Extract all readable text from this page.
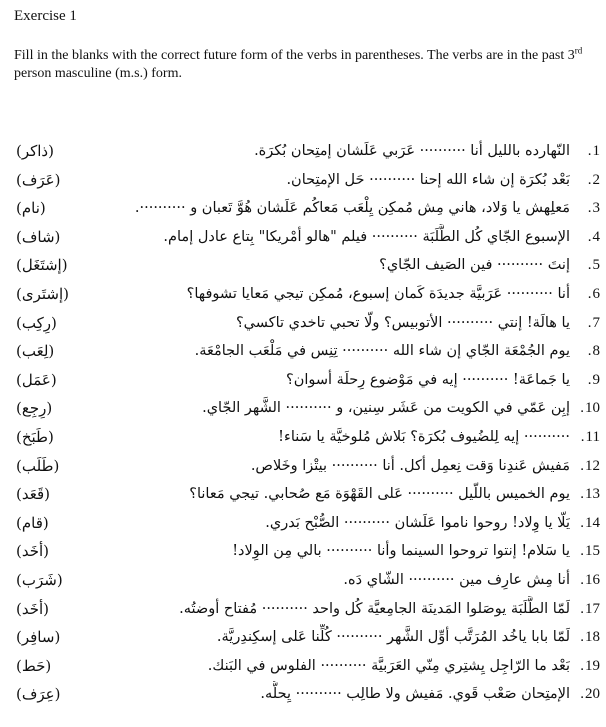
Exercise 1
Fill in the blanks with the correct future form of the verbs in parentheses. The verbs are in the past 3rd person masculine (m.s.) form.
(ذاكر)	النّهارده بالليل أنا ·········· عَرَبي عَلَشان إمتِحان بُكرَة.	. 1
(عَرَف)	بَعْد بُكرَة إن شاء الله إحنا ·········· حَل الإمتِحان.	. 2
(نام)	مَعلِهش يا وَلاد، هاني مِش مُمكِن يِلْعَب مَعاكُم عَلَشان هُوَّ تَعبان و ··········.	. 3
(شاف)	الإسبوع الجّاي كُل الطَّلَبَة ·········· فيلم "هالو أمْريكا" بِتاع عادل إمام.	. 4
(إشتَغَل)	إنتَ ·········· فين الصَيف الجّاي؟	. 5
(إشتَرى)	أنا ·········· عَرَبيَّة جديدَة كَمان إسبوع، مُمكِن تيجي مَعايا تشوفها؟	. 6
(رِكِب)	يا هالَة! إنتي ·········· الأتوبيس؟ ولّا تحبي تاخدي تاكسي؟	. 7
(لِعَب)	يوم الجُمْعَة الجّاي إن شاء الله ·········· تِنِس في مَلْعَب الجامْعَة.	. 8
(عَمَل)	يا جَماعَة! ·········· إيه في مَوْضوع رِحلَة أسوان؟	. 9
(رِجِع)	إبِن عَمّي في الكويت من عَشَر سِنين، و ·········· الشَّهر الجّاي.	. 10
(طَبَخ)	·········· إيه لِلضُيوف بُكرَة؟ بَلاش مُلوخيَّة يا سَناء!	. 11
(طَلَب)	مَفيش عَندِنا وَقت نِعمِل أكل. أنا ·········· بيتْزا وخَلاص.	. 12
(قَعَد)	يوم الخميس باللّيل ·········· عَلى القَهْوَة مَع صُحابي. تيجي مَعانا؟	. 13
(قام)	يَلّا يا وِلاد! روحوا ناموا عَلَشان ·········· الصُّبْح بَدري.	. 14
(أخَد)	يا سَلام! إنتوا تروحوا السينما وأنا ·········· بالي مِن الوِلاد!	. 15
(شَرَب)	أنا مِش عارِف مين ·········· الشّاي دَه.	. 16
(أخَد)	لَمّا الطَّلَبَة يوصَلوا المَدينَة الجامِعيَّة كُل واحد ·········· مُفتاح أوضتُه.	. 17
(سافِر)	لَمّا بابا ياخُد المُرَتَّب أوِّل الشَّهر ·········· كُلِّنا عَلى إسكِندِريَّة.	. 18
(حَط)	بَعْد ما الرّاجِل يِشتِري مِنّي العَرَبيَّة ·········· الفلوس في البَنك.	. 19
(عِرَف)	الإمتِحان صَعْب قَوي. مَفيش ولا طالِب ·········· يِحلُّه.	. 20
